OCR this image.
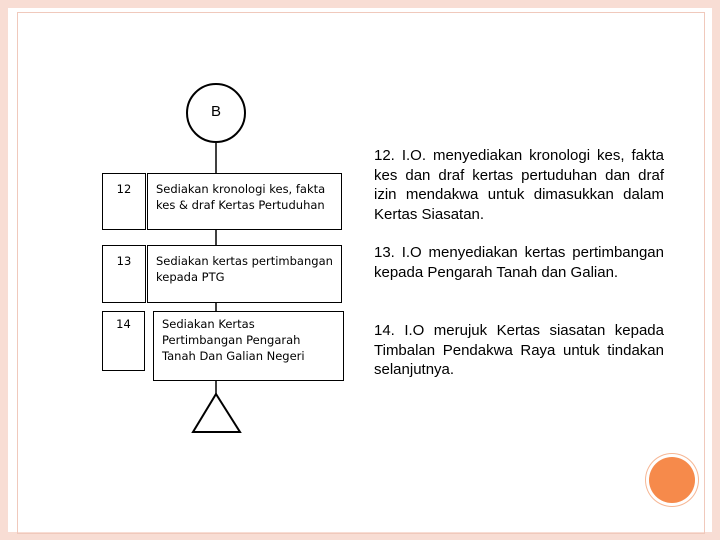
B
12	Sediakan kronologi kes, fakta kes & draf Kertas Pertuduhan
13	Sediakan kertas pertimbangan kepada PTG
14	Sediakan Kertas Pertimbangan Pengarah Tanah Dan Galian Negeri
12. I.O. menyediakan kronologi kes, fakta kes dan draf kertas pertuduhan dan draf izin mendakwa untuk dimasukkan dalam Kertas Siasatan.
13. I.O menyediakan kertas pertimbangan kepada Pengarah Tanah dan Galian.
14. I.O merujuk Kertas siasatan kepada Timbalan Pendakwa Raya untuk tindakan selanjutnya.
